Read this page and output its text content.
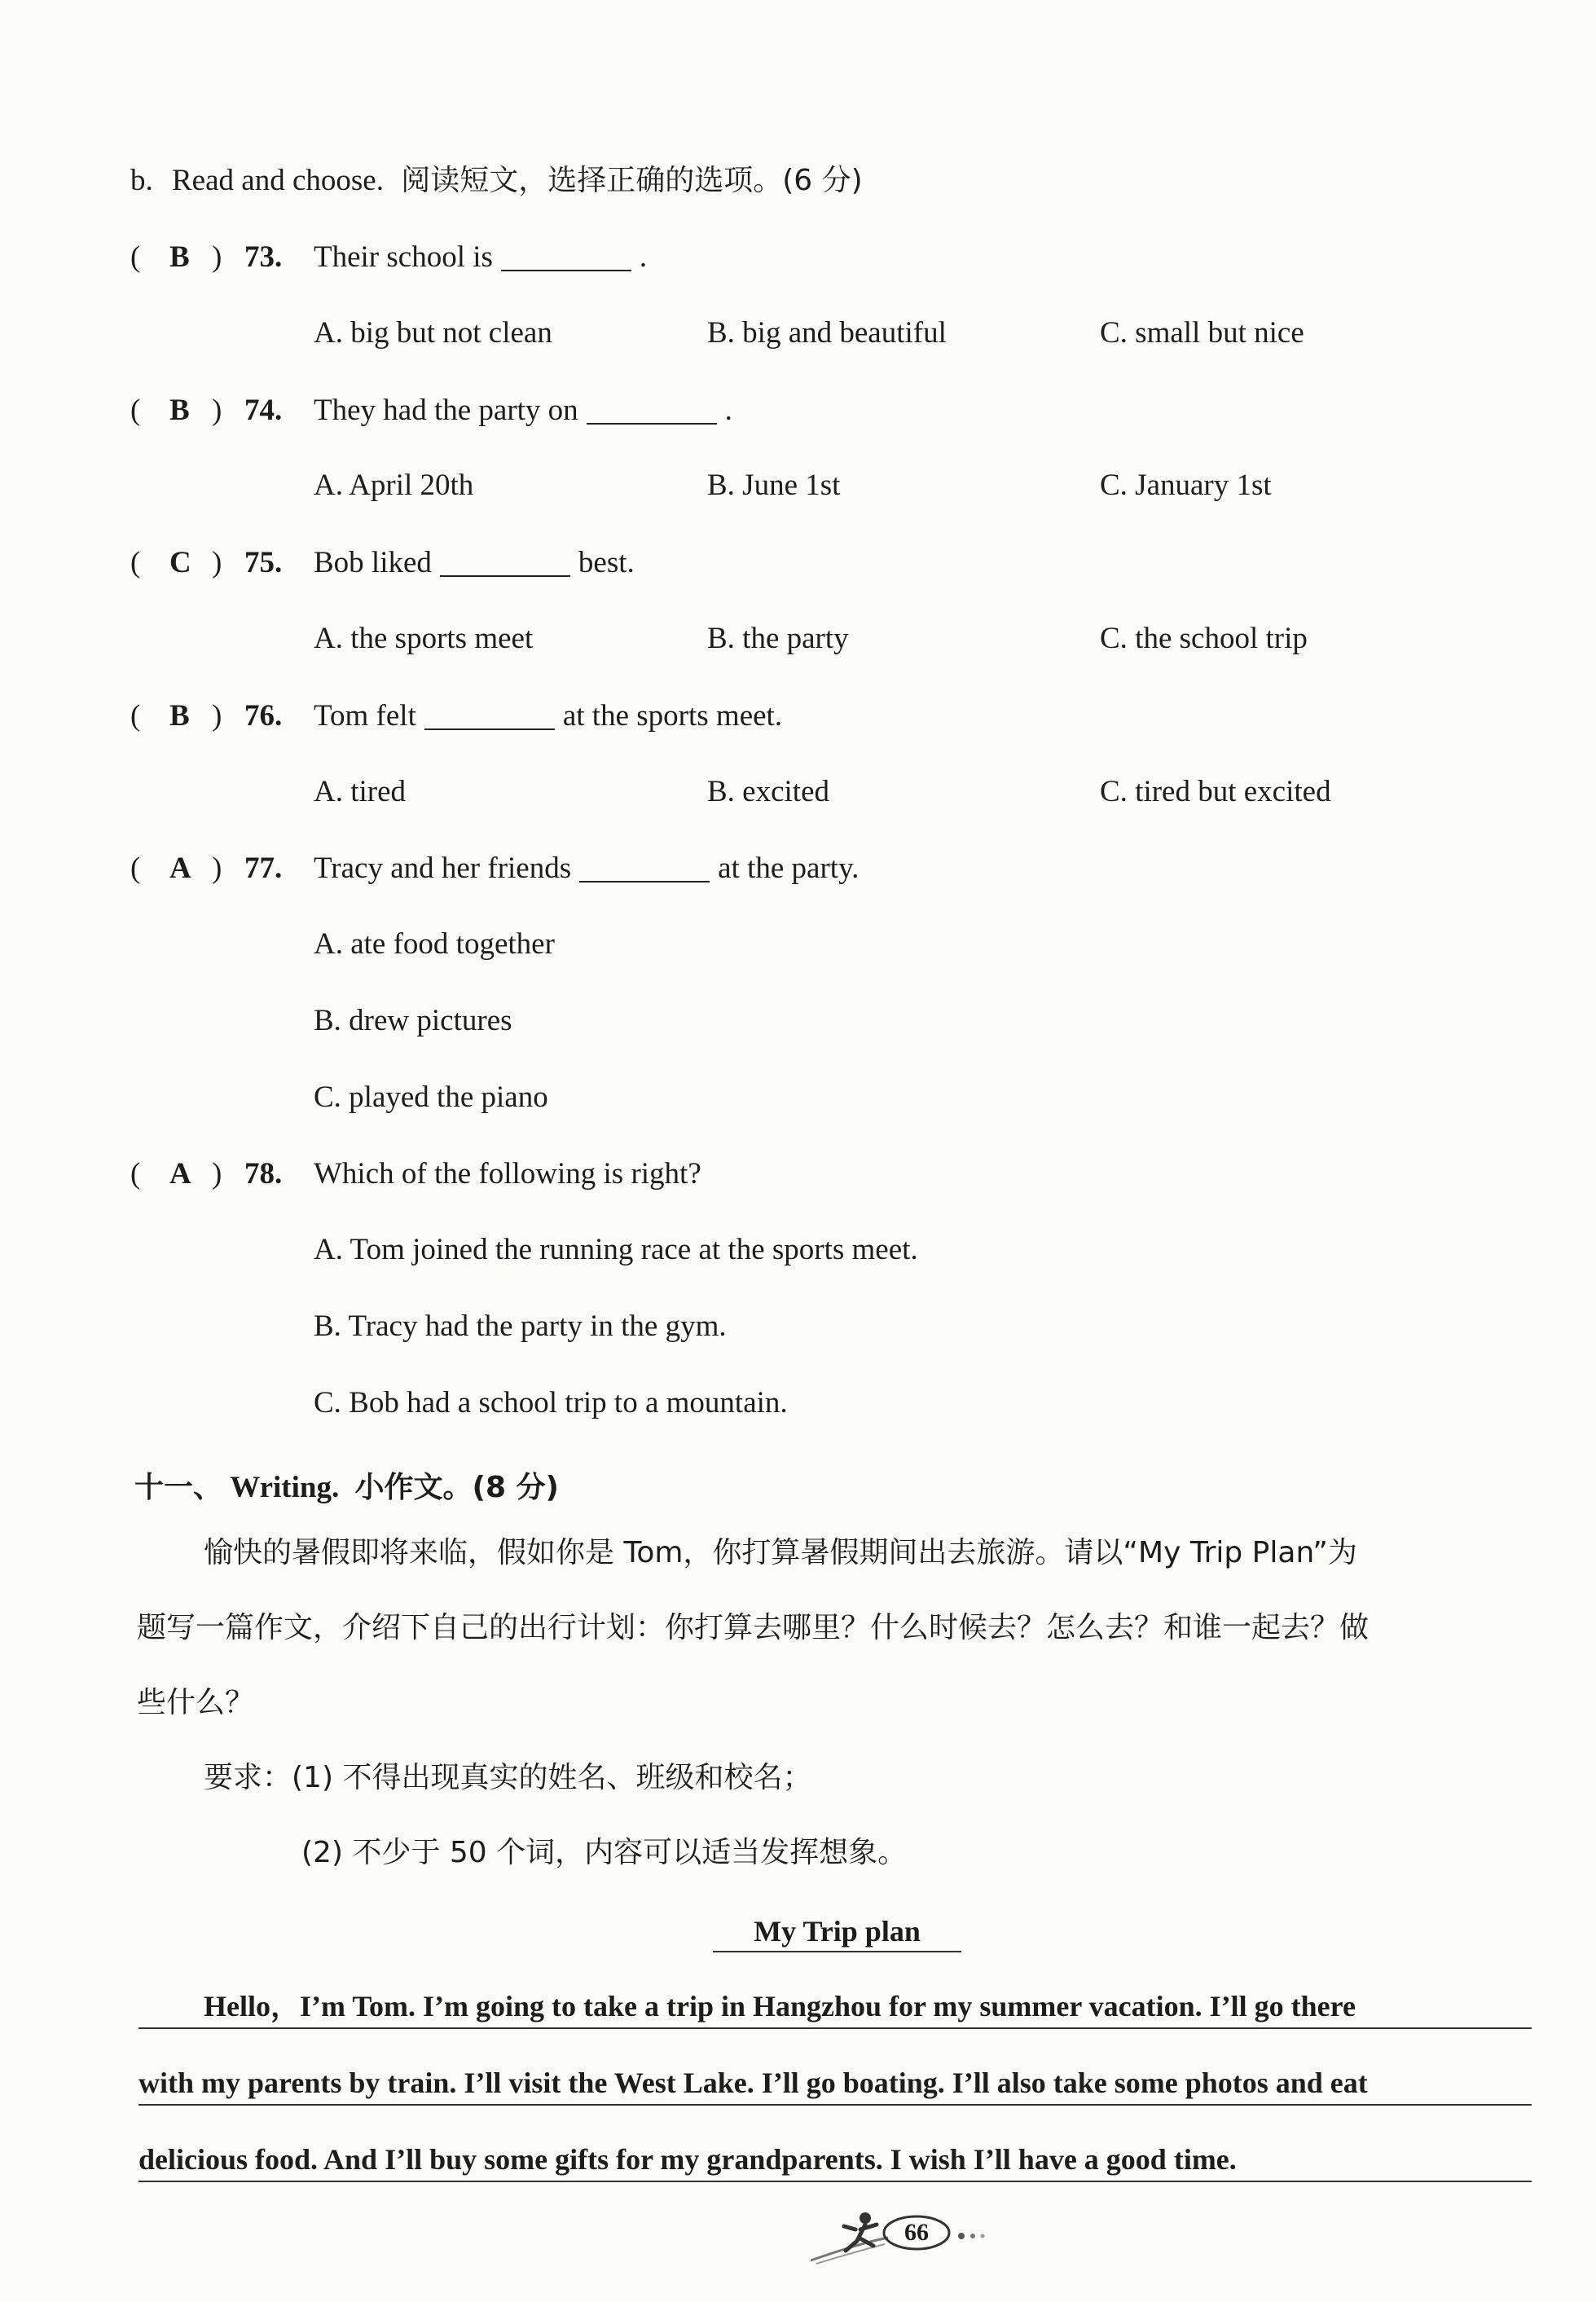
b. Read and choose. 阅读短文，选择正确的选项。(6 分)
( B ) 73. Their school is	.
A. big but not clean	B. big and beautiful	C. small but nice
( B ) 74. They had the party on	.
A. April 20th	B. June 1st	C. January 1st
( C ) 75. Bob liked	best.
A. the sports meet	B. the party	C. the school trip
( B ) 76. Tom felt	at the sports meet.
A. tired	B. excited	C. tired but excited
( A ) 77. Tracy and her friends	at the party.
A. ate food together
B. drew pictures
C. played the piano
( A ) 78. Which of the following is right?
A. Tom joined the running race at the sports meet.
B. Tracy had the party in the gym.
C. Bob had a school trip to a mountain.
十一、 Writing. 小作文。(8 分)
愉快的暑假即将来临，假如你是 Tom，你打算暑假期间出去旅游。请以“My Trip Plan”为
题写一篇作文，介绍下自己的出行计划：你打算去哪里？什么时候去？怎么去？和谁一起去？做
些什么？
要求：(1) 不得出现真实的姓名、班级和校名；
(2) 不少于 50 个词，内容可以适当发挥想象。
My Trip plan
Hello，I’m Tom. I’m going to take a trip in Hangzhou for my summer vacation. I’ll go there
with my parents by train. I’ll visit the West Lake. I’ll go boating. I’ll also take some photos and eat
delicious food. And I’ll buy some gifts for my grandparents. I wish I’ll have a good time.
66
